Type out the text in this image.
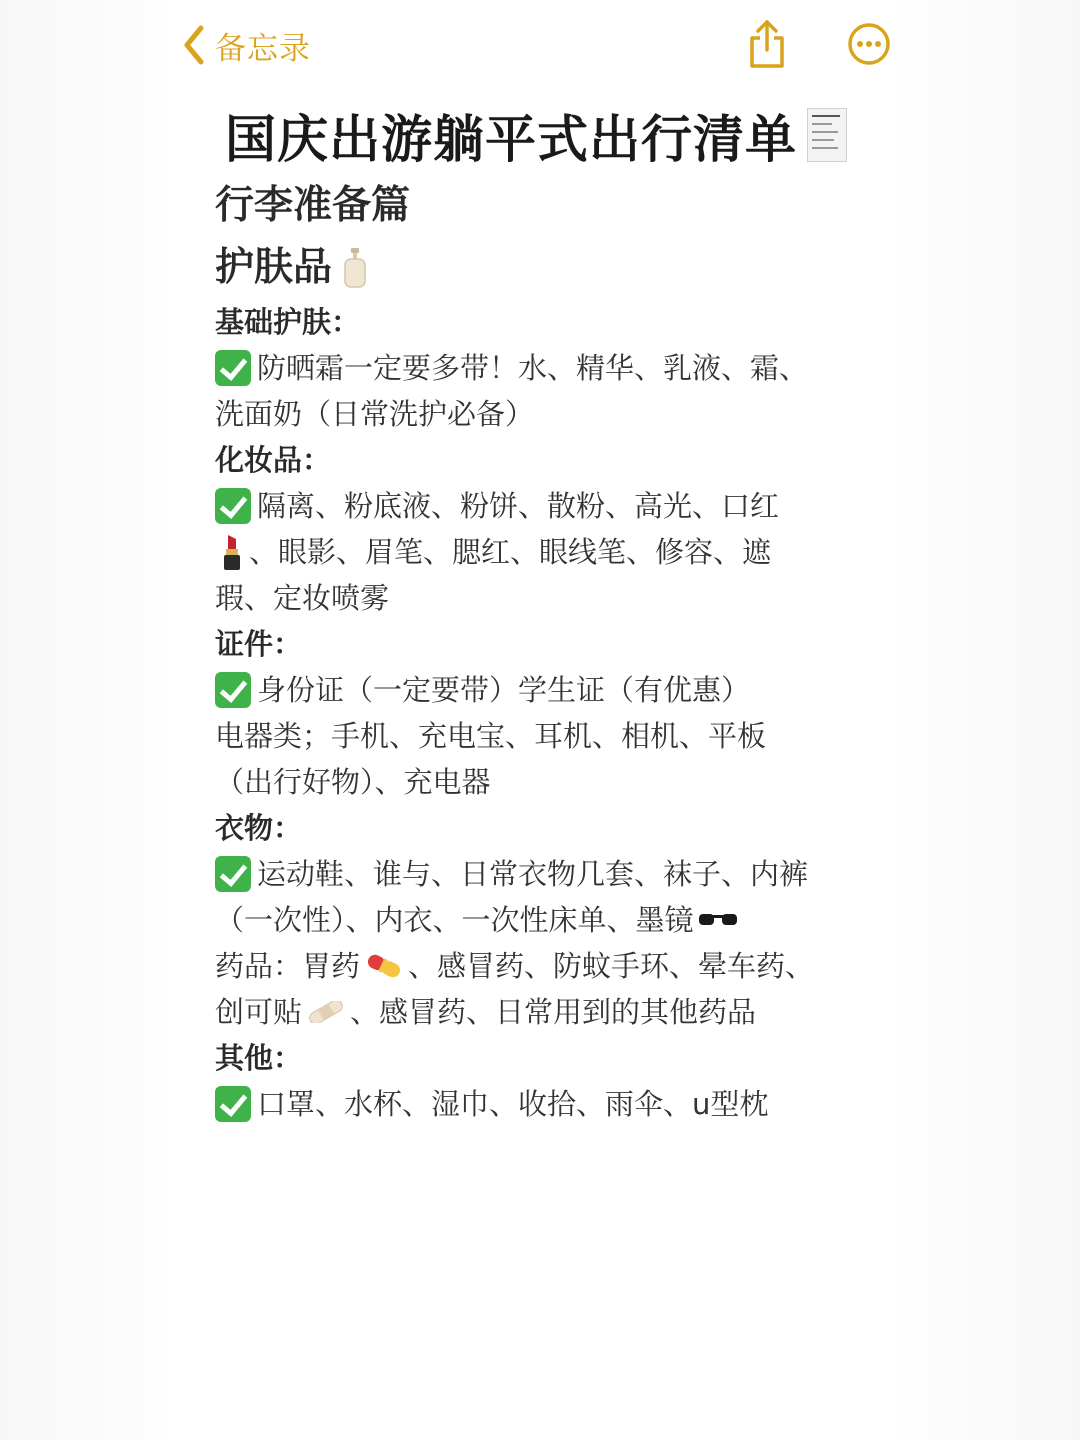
备忘录
国庆出游躺平式出行清单
行李准备篇
护肤品
基础护肤：
防晒霜一定要多带！水、精华、乳液、霜、
洗面奶（日常洗护必备）
化妆品：
隔离、粉底液、粉饼、散粉、高光、口红
、眼影、眉笔、腮红、眼线笔、修容、遮
瑕、定妆喷雾
证件：
身份证（一定要带）学生证（有优惠）
电器类；手机、充电宝、耳机、相机、平板
（出行好物）、充电器
衣物：
运动鞋、谁与、日常衣物几套、袜子、内裤
（一次性）、内衣、一次性床单、墨镜
药品：胃药 、感冒药、防蚊手环、晕车药、
创可贴 、感冒药、日常用到的其他药品
其他：
口罩、水杯、湿巾、收拾、雨伞、u型枕
